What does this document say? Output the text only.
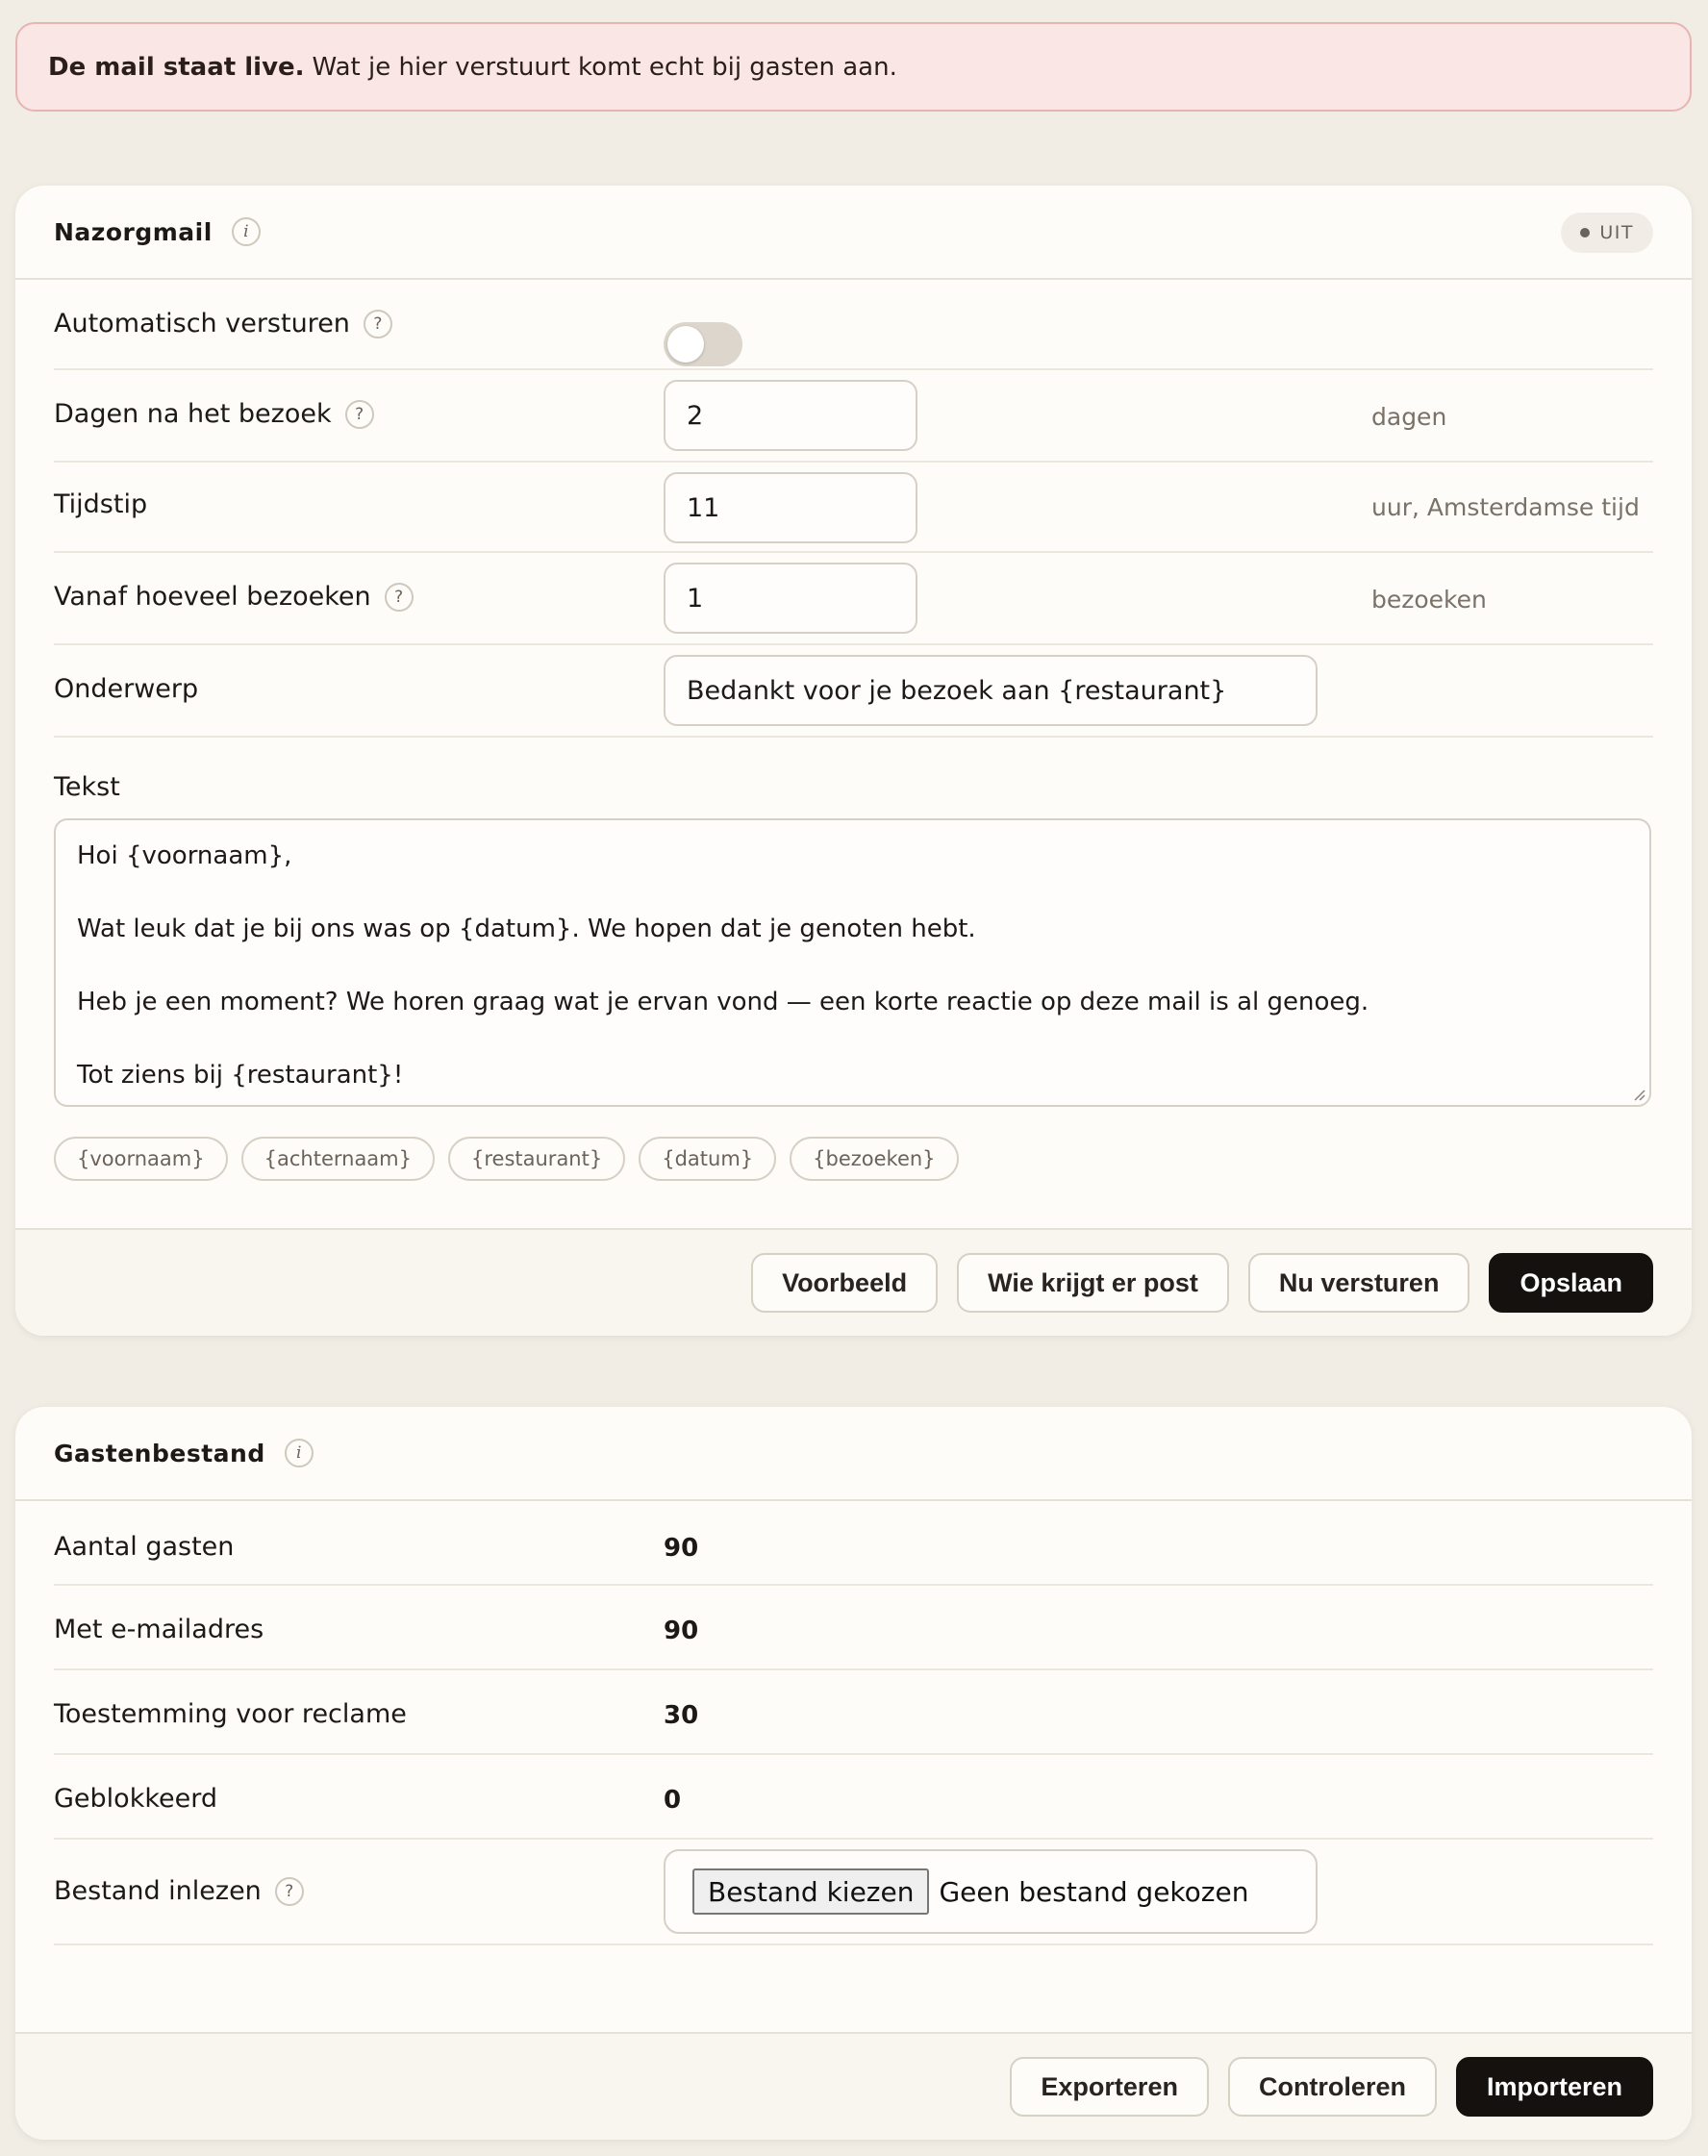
De mail staat live. Wat je hier verstuurt komt echt bij gasten aan.
Nazorgmail	i	UIT
Automatisch versturen	?
Dagen na het bezoek	?	2	dagen
Tijdstip	11	uur, Amsterdamse tijd
Vanaf hoeveel bezoeken	?	1	bezoeken
Onderwerp	Bedankt voor je bezoek aan {restaurant}
Tekst

Hoi {voornaam},

Wat leuk dat je bij ons was op {datum}. We hopen dat je genoten hebt.

Heb je een moment? We horen graag wat je ervan vond — een korte reactie op deze mail is al genoeg.

Tot ziens bij {restaurant}!

{voornaam}	{achternaam}	{restaurant}	{datum}	{bezoeken}
Voorbeeld	Wie krijgt er post	Nu versturen	Opslaan
Gastenbestand	i
Aantal gasten	90
Met e-mailadres	90
Toestemming voor reclame	30
Geblokkeerd	0
Bestand inlezen	?	Bestand kiezen Geen bestand gekozen
Exporteren	Controleren	Importeren
